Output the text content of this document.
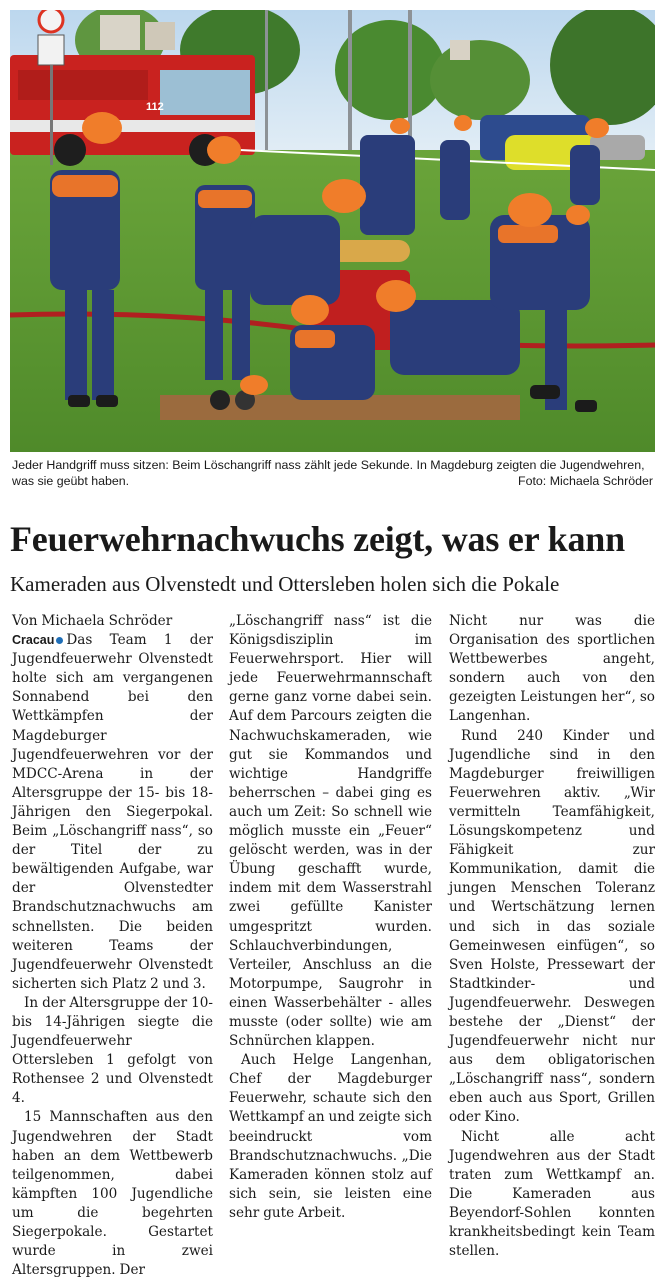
112
Jeder Handgriff muss sitzen: Beim Löschangriff nass zählt jede Sekunde. In Magdeburg zeigten die Jugendwehren, was sie geübt haben.	Foto: Michaela Schröder
Feuerwehrnachwuchs zeigt, was er kann
Kameraden aus Olvenstedt und Ottersleben holen sich die Pokale

Von Michaela Schröder

Cracau Das Team 1 der Jugendfeuerwehr Olvenstedt holte sich am vergangenen Sonnabend bei den Wettkämpfen der Magdeburger Jugendfeuerwehren vor der MDCC-Arena in der Altersgruppe der 15- bis 18-Jährigen den Siegerpokal. Beim „Löschangriff nass“, so der Titel der zu bewältigenden Aufgabe, war der Olvenstedter Brandschutznachwuchs am schnellsten. Die beiden weiteren Teams der Jugendfeuerwehr Olvenstedt sicherten sich Platz 2 und 3.

In der Altersgruppe der 10- bis 14-Jährigen siegte die Jugendfeuerwehr Ottersleben 1 gefolgt von Rothensee 2 und Olvenstedt 4.

15 Mannschaften aus den Jugendwehren der Stadt haben an dem Wettbewerb teilgenommen, dabei kämpften 100 Jugendliche um die begehrten Siegerpokale. Gestartet wurde in zwei Altersgruppen. Der

„Löschangriff nass“ ist die Königsdisziplin im Feuerwehrsport. Hier will jede Feuerwehrmannschaft gerne ganz vorne dabei sein. Auf dem Parcours zeigten die Nachwuchskameraden, wie gut sie Kommandos und wichtige Handgriffe beherrschen – dabei ging es auch um Zeit: So schnell wie möglich musste ein „Feuer“ gelöscht werden, was in der Übung geschafft wurde, indem mit dem Wasserstrahl zwei gefüllte Kanister umgespritzt wurden. Schlauchverbindungen, Verteiler, Anschluss an die Motorpumpe, Saugrohr in einen Wasserbehälter - alles musste (oder sollte) wie am Schnürchen klappen.

Auch Helge Langenhan, Chef der Magdeburger Feuerwehr, schaute sich den Wettkampf an und zeigte sich beeindruckt vom Brandschutznachwuchs. „Die Kameraden können stolz auf sich sein, sie leisten eine sehr gute Arbeit.

Nicht nur was die Organisation des sportlichen Wettbewerbes angeht, sondern auch von den gezeigten Leistungen her“, so Langenhan.

Rund 240 Kinder und Jugendliche sind in den Magdeburger freiwilligen Feuerwehren aktiv. „Wir vermitteln Teamfähigkeit, Lösungskompetenz und Fähigkeit zur Kommunikation, damit die jungen Menschen Toleranz und Wertschätzung lernen und sich in das soziale Gemeinwesen einfügen“, so Sven Holste, Pressewart der Stadtkinder- und Jugendfeuerwehr. Deswegen bestehe der „Dienst“ der Jugendfeuerwehr nicht nur aus dem obligatorischen „Löschangriff nass“, sondern eben auch aus Sport, Grillen oder Kino.

Nicht alle acht Jugendwehren aus der Stadt traten zum Wettkampf an. Die Kameraden aus Beyendorf-Sohlen konnten krankheitsbedingt kein Team stellen.
